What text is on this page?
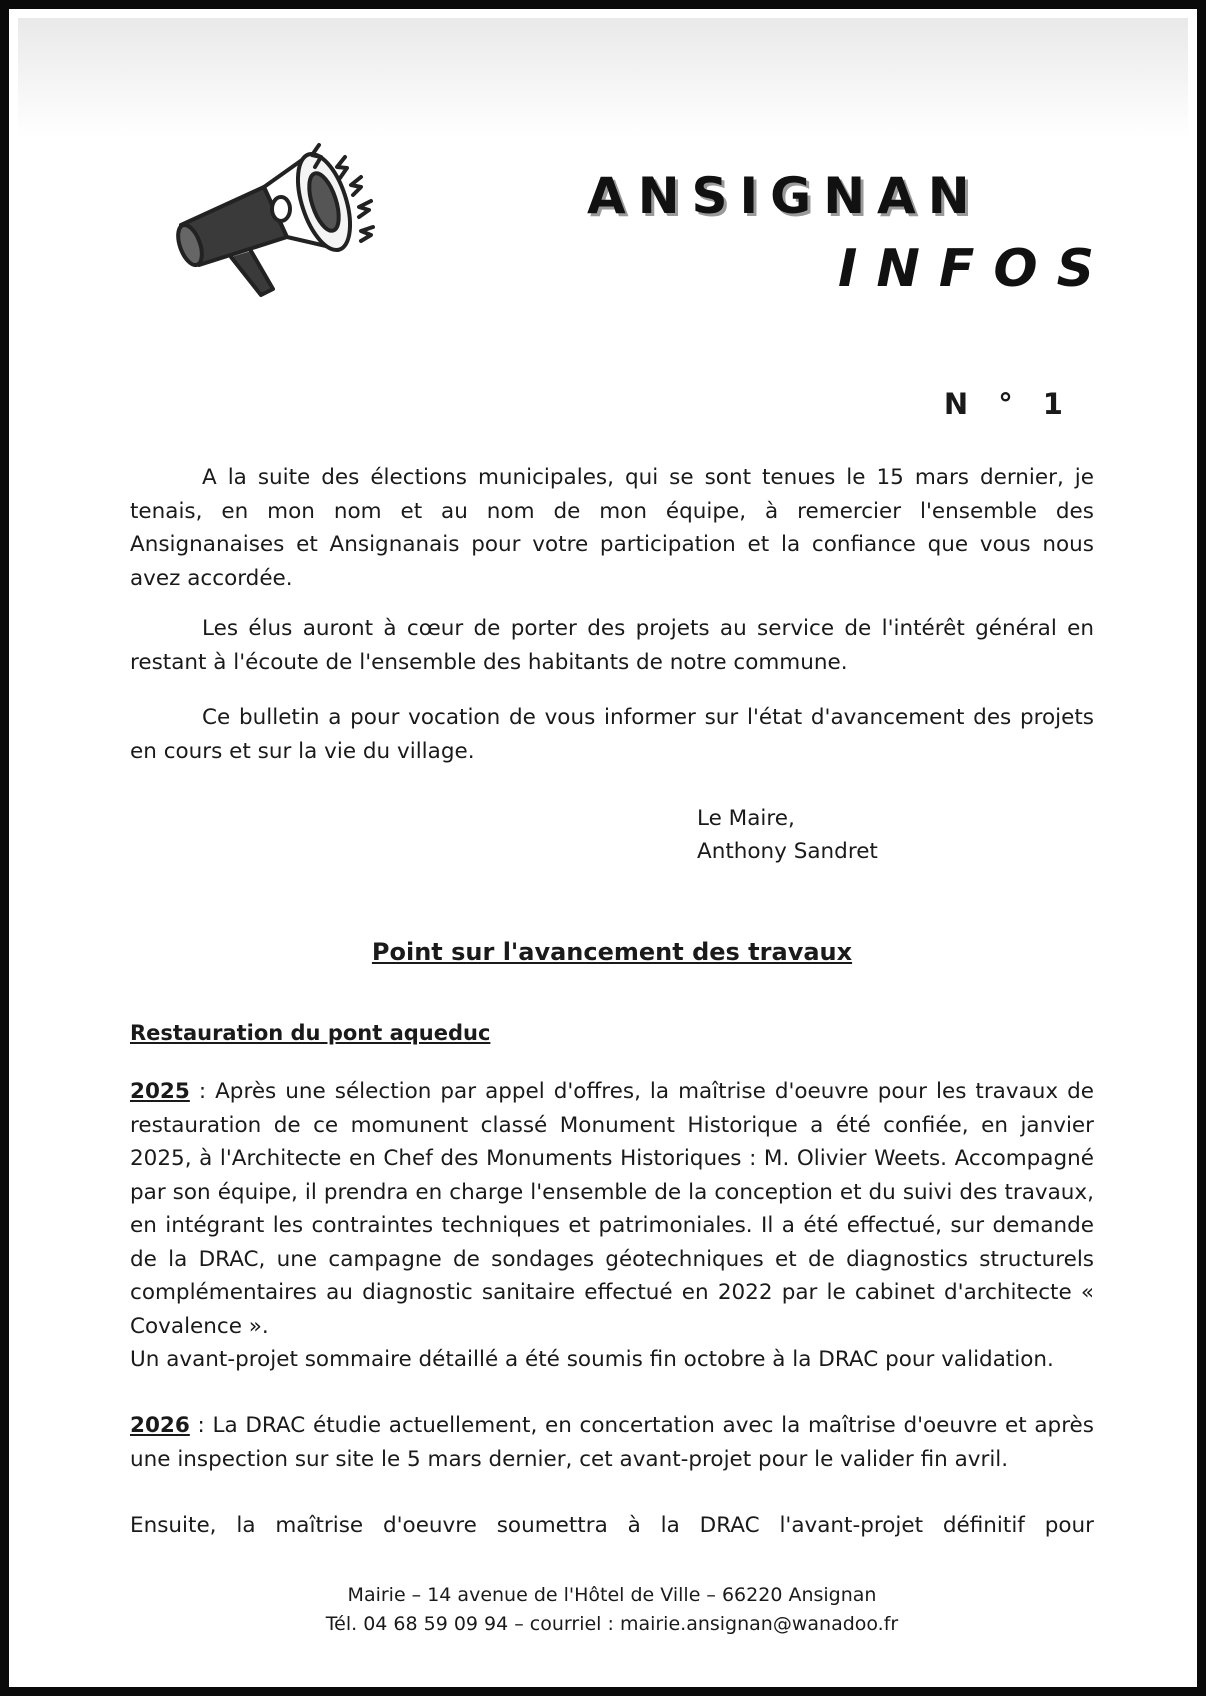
ANSIGNAN
INFOS
N ° 1

A la suite des élections municipales, qui se sont tenues le 15 mars dernier, je tenais, en mon nom et au nom de mon équipe, à remercier l'ensemble des Ansignanaises et Ansignanais pour votre participation et la confiance que vous nous avez accordée.

Les élus auront à cœur de porter des projets au service de l'intérêt général en restant à l'écoute de l'ensemble des habitants de notre commune.

Ce bulletin a pour vocation de vous informer sur l'état d'avancement des projets en cours et sur la vie du village.

Le Maire,

Anthony Sandret

Point sur l'avancement des travaux
Restauration du pont aqueduc
2025 : Après une sélection par appel d'offres, la maîtrise d'oeuvre pour les travaux de restauration de ce momunent classé Monument Historique a été confiée, en janvier 2025, à l'Architecte en Chef des Monuments Historiques : M. Olivier Weets. Accompagné par son équipe, il prendra en charge l'ensemble de la conception et du suivi des travaux, en intégrant les contraintes techniques et patrimoniales. Il a été effectué, sur demande de la DRAC, une campagne de sondages géotechniques et de diagnostics structurels complémentaires au diagnostic sanitaire effectué en 2022 par le cabinet d'architecte « Covalence ».
Un avant-projet sommaire détaillé a été soumis fin octobre à la DRAC pour validation.
2026 : La DRAC étudie actuellement, en concertation avec la maîtrise d'oeuvre et après une inspection sur site le 5 mars dernier, cet avant-projet pour le valider fin avril.
Ensuite, la maîtrise d'oeuvre soumettra à la DRAC l'avant-projet définitif pour
Mairie – 14 avenue de l'Hôtel de Ville – 66220 Ansignan
Tél. 04 68 59 09 94 – courriel : mairie.ansignan@wanadoo.fr
